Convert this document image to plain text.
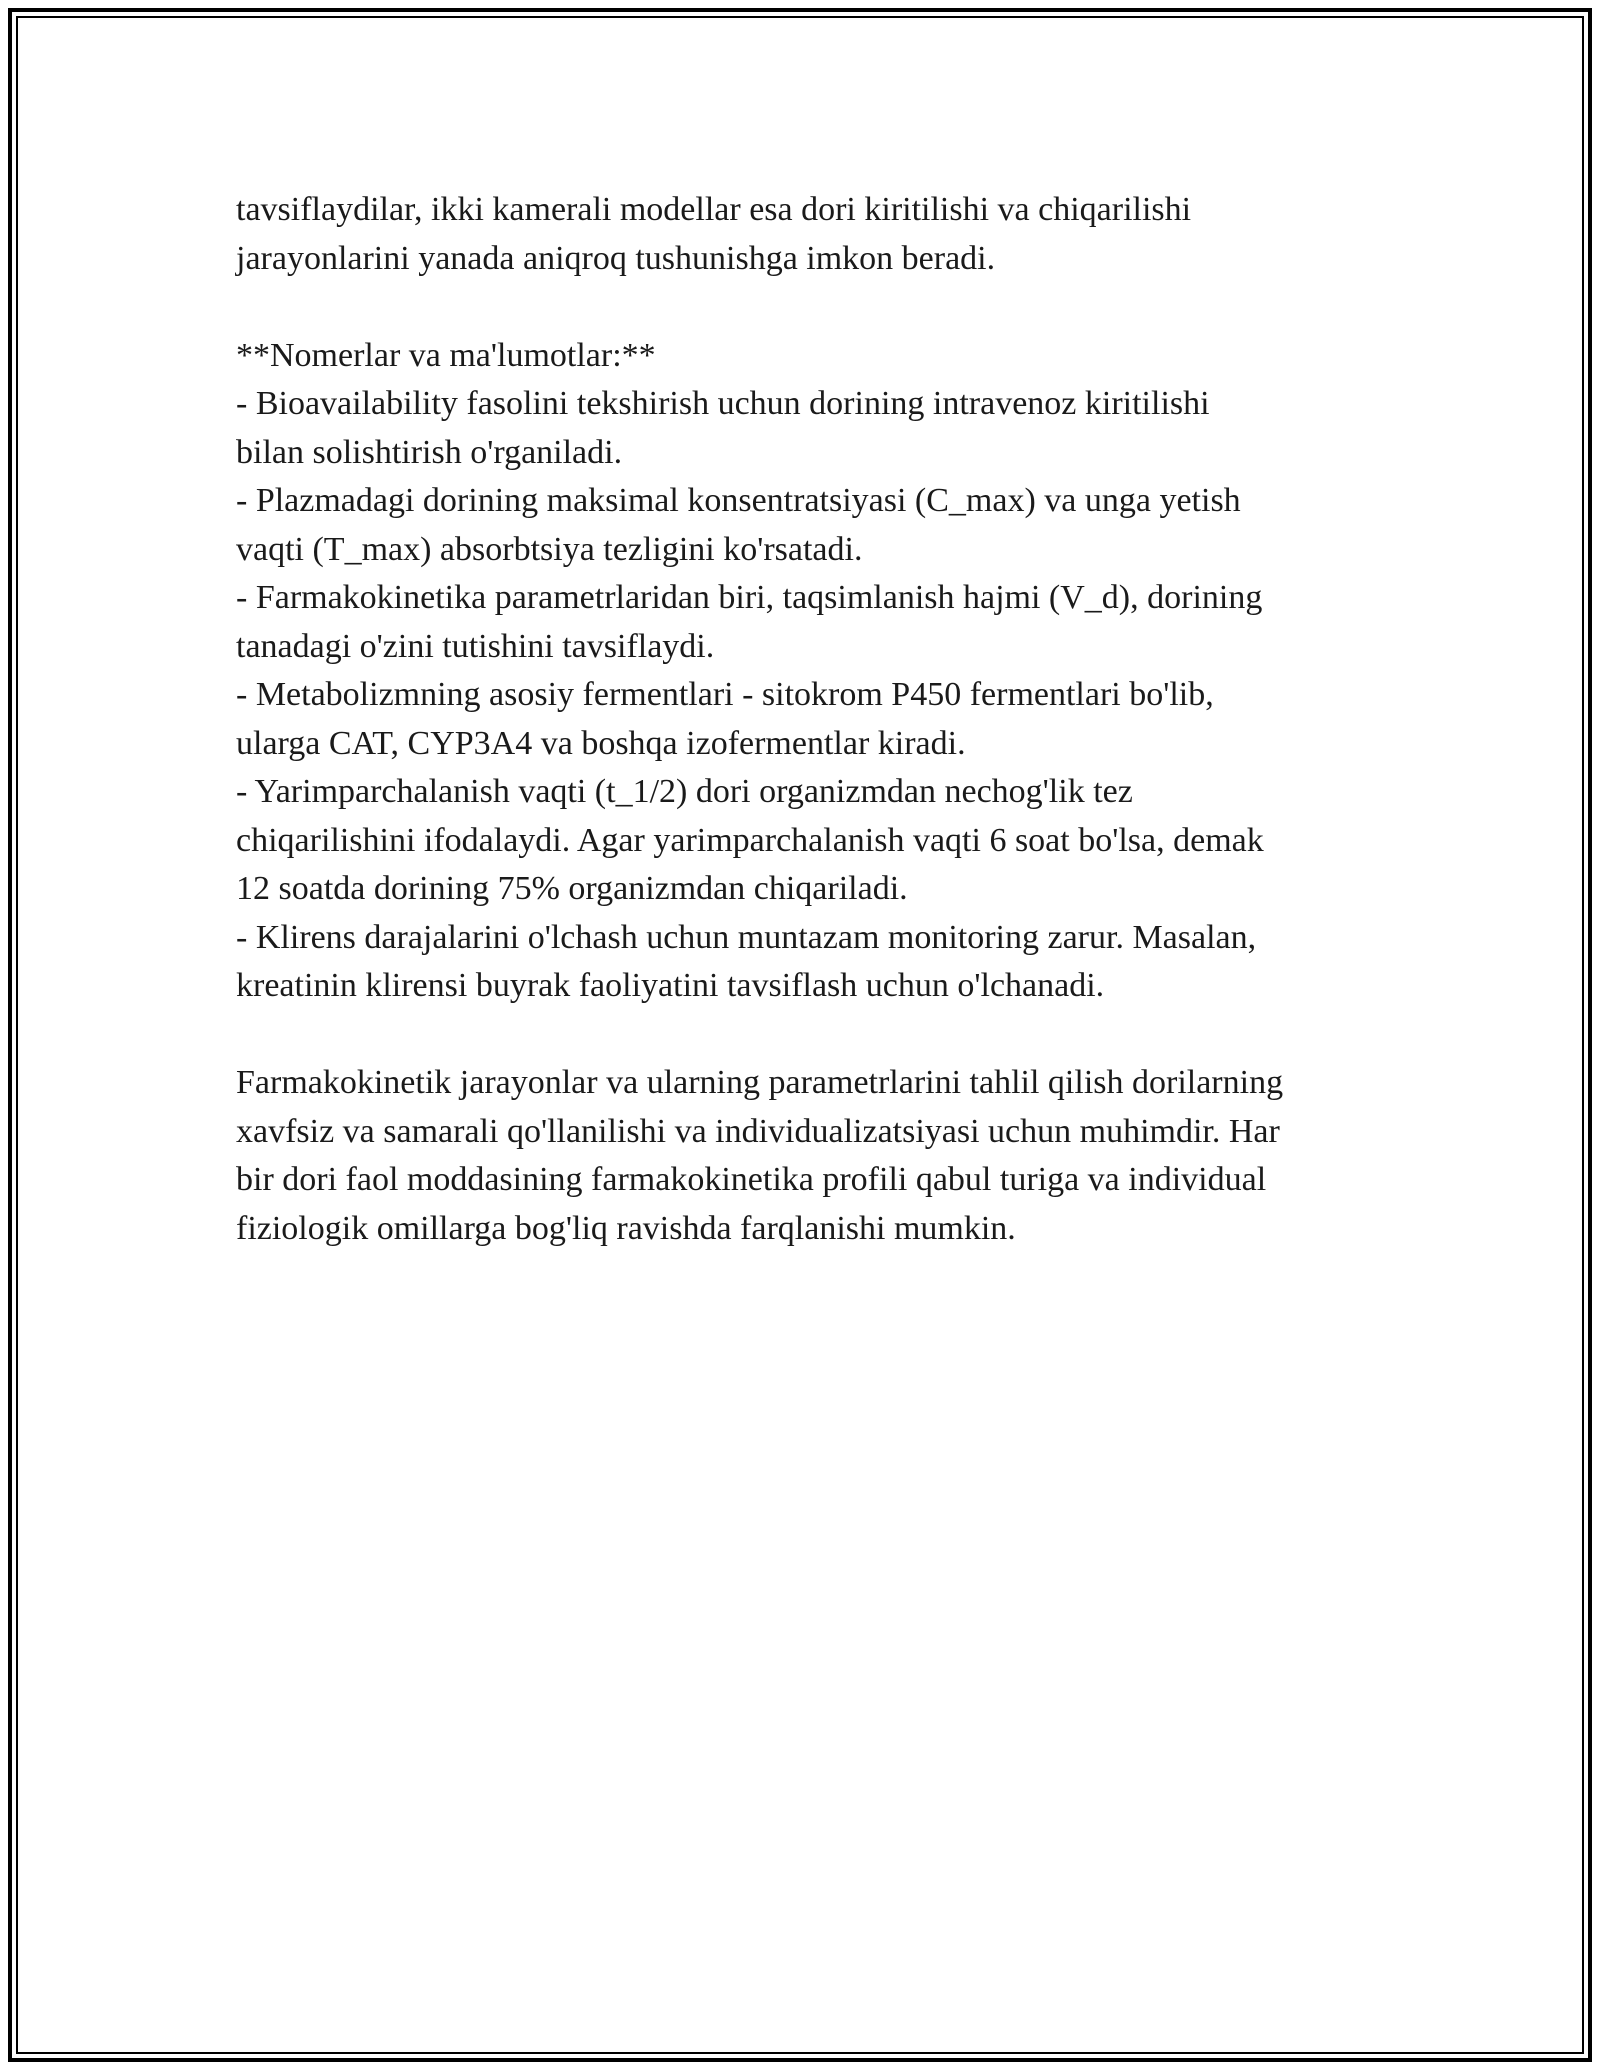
tavsiflaydilar, ikki kamerali modellar esa dori kiritilishi va chiqarilishi
jarayonlarini yanada aniqroq tushunishga imkon beradi.
**Nomerlar va ma'lumotlar:**
- Bioavailability fasolini tekshirish uchun dorining intravenoz kiritilishi
bilan solishtirish o'rganiladi.
- Plazmadagi dorining maksimal konsentratsiyasi (C_max) va unga yetish
vaqti (T_max) absorbtsiya tezligini ko'rsatadi.
- Farmakokinetika parametrlaridan biri, taqsimlanish hajmi (V_d), dorining
tanadagi o'zini tutishini tavsiflaydi.
- Metabolizmning asosiy fermentlari - sitokrom P450 fermentlari bo'lib,
ularga CAT, CYP3A4 va boshqa izofermentlar kiradi.
- Yarimparchalanish vaqti (t_1/2) dori organizmdan nechog'lik tez
chiqarilishini ifodalaydi. Agar yarimparchalanish vaqti 6 soat bo'lsa, demak
12 soatda dorining 75% organizmdan chiqariladi.
- Klirens darajalarini o'lchash uchun muntazam monitoring zarur. Masalan,
kreatinin klirensi buyrak faoliyatini tavsiflash uchun o'lchanadi.
Farmakokinetik jarayonlar va ularning parametrlarini tahlil qilish dorilarning
xavfsiz va samarali qo'llanilishi va individualizatsiyasi uchun muhimdir. Har
bir dori faol moddasining farmakokinetika profili qabul turiga va individual
fiziologik omillarga bog'liq ravishda farqlanishi mumkin.
